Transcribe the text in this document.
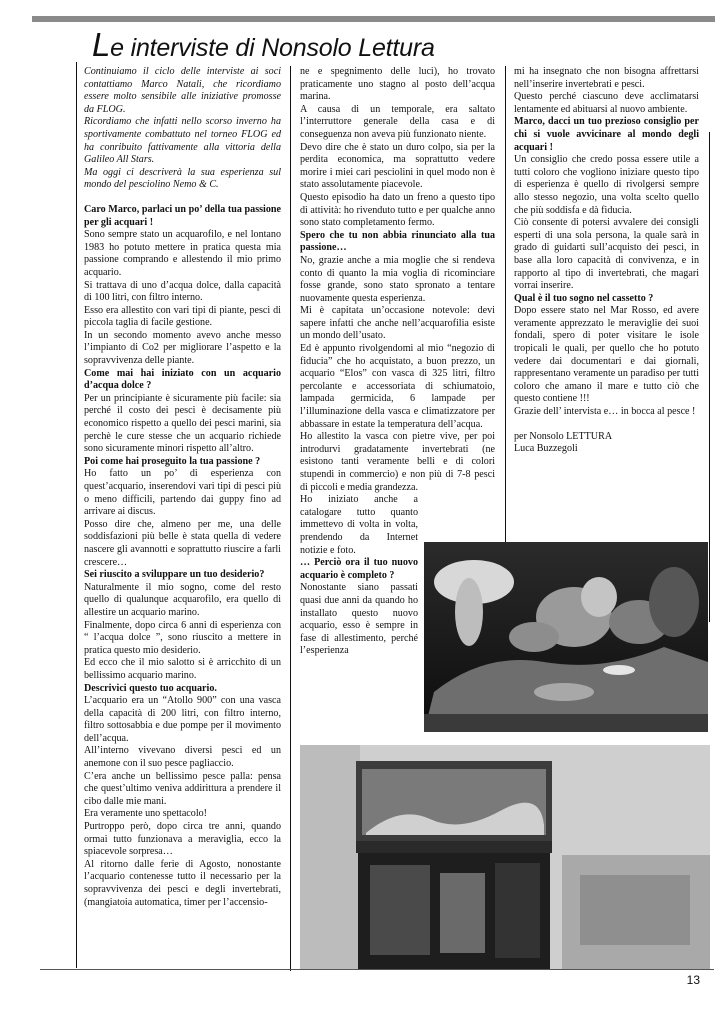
Le interviste di Nonsolo Lettura

Continuiamo il ciclo delle interviste ai soci contattiamo Marco Natali, che ricordiamo essere molto sensibile alle iniziative promosse da FLOG.

Ricordiamo che infatti nello scorso inverno ha sportivamente combattuto nel torneo FLOG ed ha conribuito fattivamente alla vittoria della Galileo All Stars.

Ma oggi ci descriverà la sua esperienza sul mondo del pesciolino Nemo & C.

Caro Marco, parlaci un po’ della tua passione per gli acquari !

Sono sempre stato un acquarofilo, e nel lontano 1983 ho potuto mettere in pratica questa mia passione comprando e allestendo il mio primo acquario.

Si trattava di uno d’acqua dolce, dalla capacità di 100 litri, con filtro interno.

Esso era allestito con vari tipi di piante, pesci di piccola taglia di facile gestione.

In un secondo momento avevo anche messo l’impianto di Co2 per migliorare l’aspetto e la sopravvivenza delle piante.

Come mai hai iniziato con un acquario d’acqua dolce ?

Per un principiante è sicuramente più facile: sia perché il costo dei pesci è decisamente più economico rispetto a quello dei pesci marini, sia perchè le cure stesse che un acquario richiede sono sicuramente minori rispetto all’altro.

Poi come hai proseguito la tua passione ?

Ho fatto un po’ di esperienza con quest’acquario, inserendovi vari tipi di pesci più o meno difficili, partendo dai guppy fino ad arrivare ai discus.

Posso dire che, almeno per me, una delle soddisfazioni più belle è stata quella di vedere nascere gli avannotti e soprattutto riuscire a farli crescere…

Sei riuscito a sviluppare un tuo desiderio?

Naturalmente il mio sogno, come del resto quello di qualunque acquarofilo, era quello di allestire un acquario marino.

Finalmente, dopo circa 6 anni di esperienza con “ l’acqua dolce ”, sono riuscito a mettere in pratica questo mio desiderio.

Ed ecco che il mio salotto si è arricchito di un bellissimo acquario marino.

Descrivici questo tuo acquario.

L’acquario era un “Atollo 900” con una vasca della capacità di 200 litri, con filtro interno, filtro sottosabbia e due pompe per il movimento dell’acqua.

All’interno vivevano diversi pesci ed un anemone con il suo pesce pagliaccio.

C’era anche un bellissimo pesce palla: pensa che quest’ultimo veniva addirittura a prendere il cibo dalle mie mani.

Era veramente uno spettacolo!

Purtroppo però, dopo circa tre anni, quando ormai tutto funzionava a meraviglia, ecco la spiacevole sorpresa…

Al ritorno dalle ferie di Agosto, nonostante l’acquario contenesse tutto il necessario per la sopravvivenza dei pesci e degli invertebrati, (mangiatoia automatica, timer per l’accensio-

ne e spegnimento delle luci), ho trovato praticamente uno stagno al posto dell’acqua marina.

A causa di un temporale, era saltato l’interruttore generale della casa e di conseguenza non aveva più funzionato niente.

Devo dire che è stato un duro colpo, sia per la perdita economica, ma soprattutto vedere morire i miei cari pesciolini in quel modo non è stato assolutamente piacevole.

Questo episodio ha dato un freno a questo tipo di attività: ho rivenduto tutto e per qualche anno sono stato completamento fermo.

Spero che tu non abbia rinunciato alla tua passione…

No, grazie anche a mia moglie che si rendeva conto di quanto la mia voglia di ricominciare fosse grande, sono stato spronato a tentare nuovamente questa esperienza.

Mi è capitata un’occasione notevole: devi sapere infatti che anche nell’acquarofilia esiste un mondo dell’usato.

Ed è appunto rivolgendomi al mio “negozio di fiducia” che ho acquistato, a buon prezzo, un acquario “Elos” con vasca di 325 litri, filtro percolante e accessoriata di schiumatoio, lampada germicida, 6 lampade per l’illuminazione della vasca e climatizzatore per abbassare in estate la temperatura dell’acqua.

Ho allestito la vasca con pietre vive, per poi introdurvi gradatamente invertebrati (ne esistono tanti veramente belli e di colori stupendi in commercio) e non più di 7-8 pesci di piccoli e media grandezza.

Ho iniziato anche a catalogare tutto quanto immettevo di volta in volta, prendendo da Internet notizie e foto.

… Perciò ora il tuo nuovo acquario è completo ?

Nonostante siano passati quasi due anni da quando ho installato questo nuovo acquario, esso è sempre in fase di allestimento, perché l’esperienza

mi ha insegnato che non bisogna affrettarsi nell’inserire invertebrati e pesci.

Questo perché ciascuno deve acclimatarsi lentamente ed abituarsi al nuovo ambiente.

Marco, dacci un tuo prezioso consiglio per chi si vuole avvicinare al mondo degli acquari !

Un consiglio che credo possa essere utile a tutti coloro che vogliono iniziare questo tipo di esperienza è quello di rivolgersi sempre allo stesso negozio, una volta scelto quello che più soddisfa e dà fiducia.

Ciò consente di potersi avvalere dei consigli esperti di una sola persona, la quale sarà in grado di guidarti sull’acquisto dei pesci, in base alla loro capacità di convivenza, e in rapporto al tipo di invertebrati, che magari vorrai inserire.

Qual è il tuo sogno nel cassetto ?

Dopo essere stato nel Mar Rosso, ed avere veramente apprezzato le meraviglie dei suoi fondali, spero di poter visitare le isole tropicali le quali, per quello che ho potuto vedere dai documentari e dai giornali, rappresentano veramente un paradiso per tutti coloro che amano il mare e tutto ciò che questo contiene !!!

Grazie dell’ intervista e… in bocca al pesce !

per Nonsolo LETTURA

Luca Buzzegoli

13
